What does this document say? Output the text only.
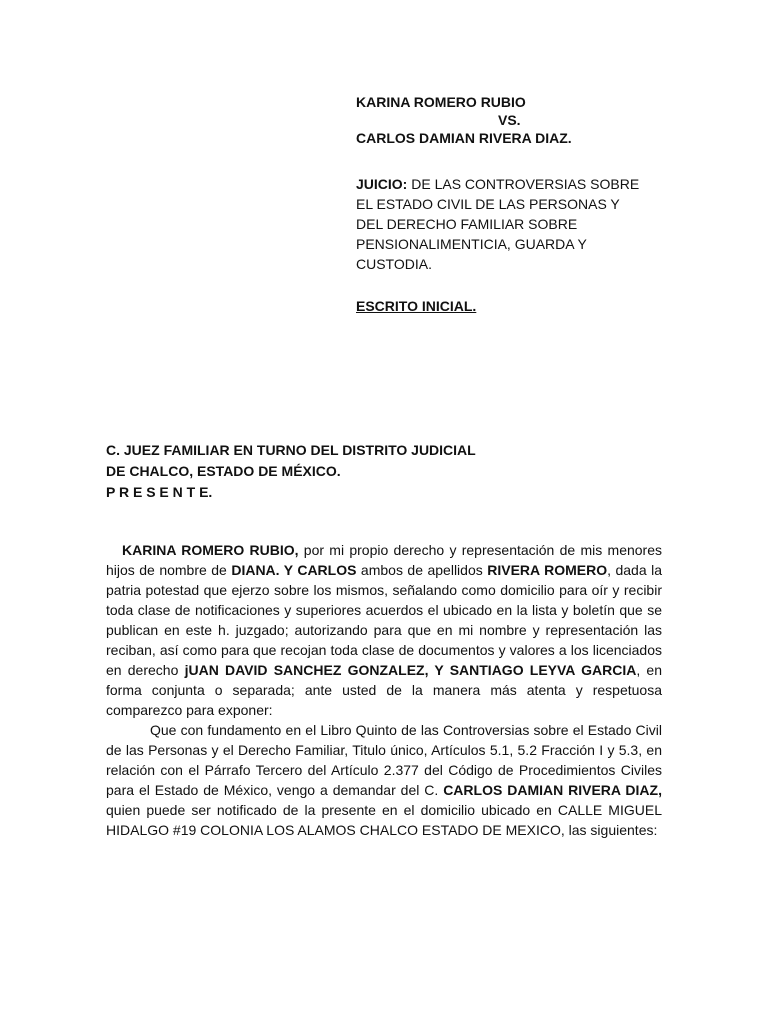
KARINA ROMERO RUBIO
VS.
CARLOS DAMIAN RIVERA DIAZ.
JUICIO: DE LAS CONTROVERSIAS SOBRE
EL ESTADO CIVIL DE LAS PERSONAS Y
DEL DERECHO FAMILIAR SOBRE
PENSIONALIMENTICIA, GUARDA Y
CUSTODIA.
ESCRITO INICIAL.
C. JUEZ FAMILIAR EN TURNO DEL DISTRITO JUDICIAL
DE CHALCO, ESTADO DE MÉXICO.
P R E S E N T E.

KARINA ROMERO RUBIO, por mi propio derecho y representación de mis menores hijos de nombre de DIANA. Y CARLOS ambos de apellidos RIVERA ROMERO, dada la patria potestad que ejerzo sobre los mismos, señalando como domicilio para oír y recibir toda clase de notificaciones y superiores acuerdos el ubicado en la lista y boletín que se publican en este h. juzgado; autorizando para que en mi nombre y representación las reciban, así como para que recojan toda clase de documentos y valores a los licenciados en derecho jUAN DAVID SANCHEZ GONZALEZ, Y SANTIAGO LEYVA GARCIA, en forma conjunta o separada; ante usted de la manera más atenta y respetuosa comparezco para exponer:

Que con fundamento en el Libro Quinto de las Controversias sobre el Estado Civil de las Personas y el Derecho Familiar, Titulo único, Artículos 5.1, 5.2 Fracción I y 5.3, en relación con el Párrafo Tercero del Artículo 2.377 del Código de Procedimientos Civiles para el Estado de México, vengo a demandar del C. CARLOS DAMIAN RIVERA DIAZ, quien puede ser notificado de la presente en el domicilio ubicado en CALLE MIGUEL HIDALGO #19 COLONIA LOS ALAMOS CHALCO ESTADO DE MEXICO, las siguientes:
